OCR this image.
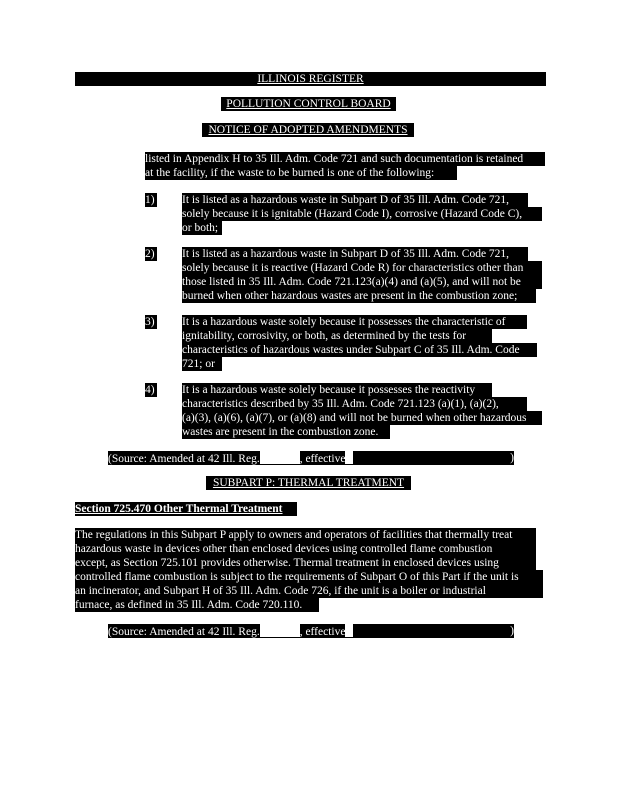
ILLINOIS REGISTER
POLLUTION CONTROL BOARD
NOTICE OF ADOPTED AMENDMENTS
listed in Appendix H to 35 Ill. Adm. Code 721 and such documentation is retained
at the facility, if the waste to be burned is one of the following:
1) It is listed as a hazardous waste in Subpart D of 35 Ill. Adm. Code 721,
solely because it is ignitable (Hazard Code I), corrosive (Hazard Code C),
or both;
2) It is listed as a hazardous waste in Subpart D of 35 Ill. Adm. Code 721,
solely because it is reactive (Hazard Code R) for characteristics other than
those listed in 35 Ill. Adm. Code 721.123(a)(4) and (a)(5), and will not be
burned when other hazardous wastes are present in the combustion zone;
3) It is a hazardous waste solely because it possesses the characteristic of
ignitability, corrosivity, or both, as determined by the tests for
characteristics of hazardous wastes under Subpart C of 35 Ill. Adm. Code
721; or
4) It is a hazardous waste solely because it possesses the reactivity
characteristics described by 35 Ill. Adm. Code 721.123 (a)(1), (a)(2),
(a)(3), (a)(6), (a)(7), or (a)(8) and will not be burned when other hazardous
wastes are present in the combustion zone.
(Source: Amended at 42 Ill. Reg.	, effective	)
SUBPART P: THERMAL TREATMENT
Section 725.470 Other Thermal Treatment
The regulations in this Subpart P apply to owners and operators of facilities that thermally treat
hazardous waste in devices other than enclosed devices using controlled flame combustion
except, as Section 725.101 provides otherwise. Thermal treatment in enclosed devices using
controlled flame combustion is subject to the requirements of Subpart O of this Part if the unit is
an incinerator, and Subpart H of 35 Ill. Adm. Code 726, if the unit is a boiler or industrial
furnace, as defined in 35 Ill. Adm. Code 720.110.
(Source: Amended at 42 Ill. Reg.	, effective	)
